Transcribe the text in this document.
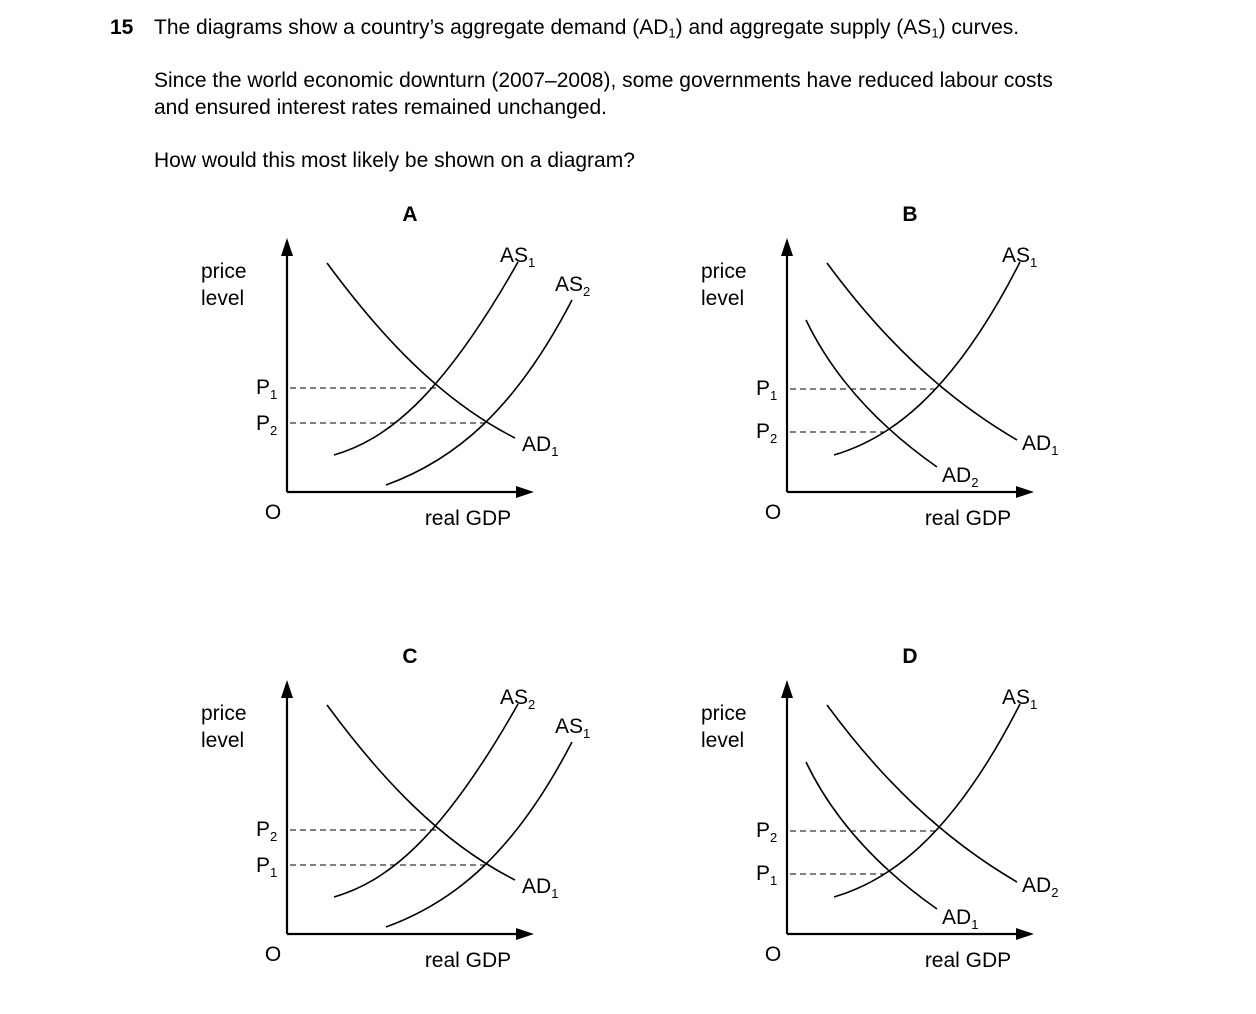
15 The diagrams show a country’s aggregate demand $(AD_1)$ and aggregate supply $(AS_1)$ curves.
Since the world economic downturn (2007–2008), some governments have reduced labour costs
and ensured interest rates remained unchanged.
How would this most likely be shown on a diagram?
A
price
level
O	real GDP
$AS_1$
$AS_2$
$AD_1$
$P_1$
$P_2$
B
price
level
O	real GDP
$AS_1$
$AD_1$
$AD_2$
$P_1$
$P_2$
C
price
level
O	real GDP
$AS_2$
$AS_1$
$AD_1$
$P_2$
$P_1$
D
price
level
O	real GDP
$AS_1$
$AD_2$
$AD_1$
$P_2$
$P_1$
